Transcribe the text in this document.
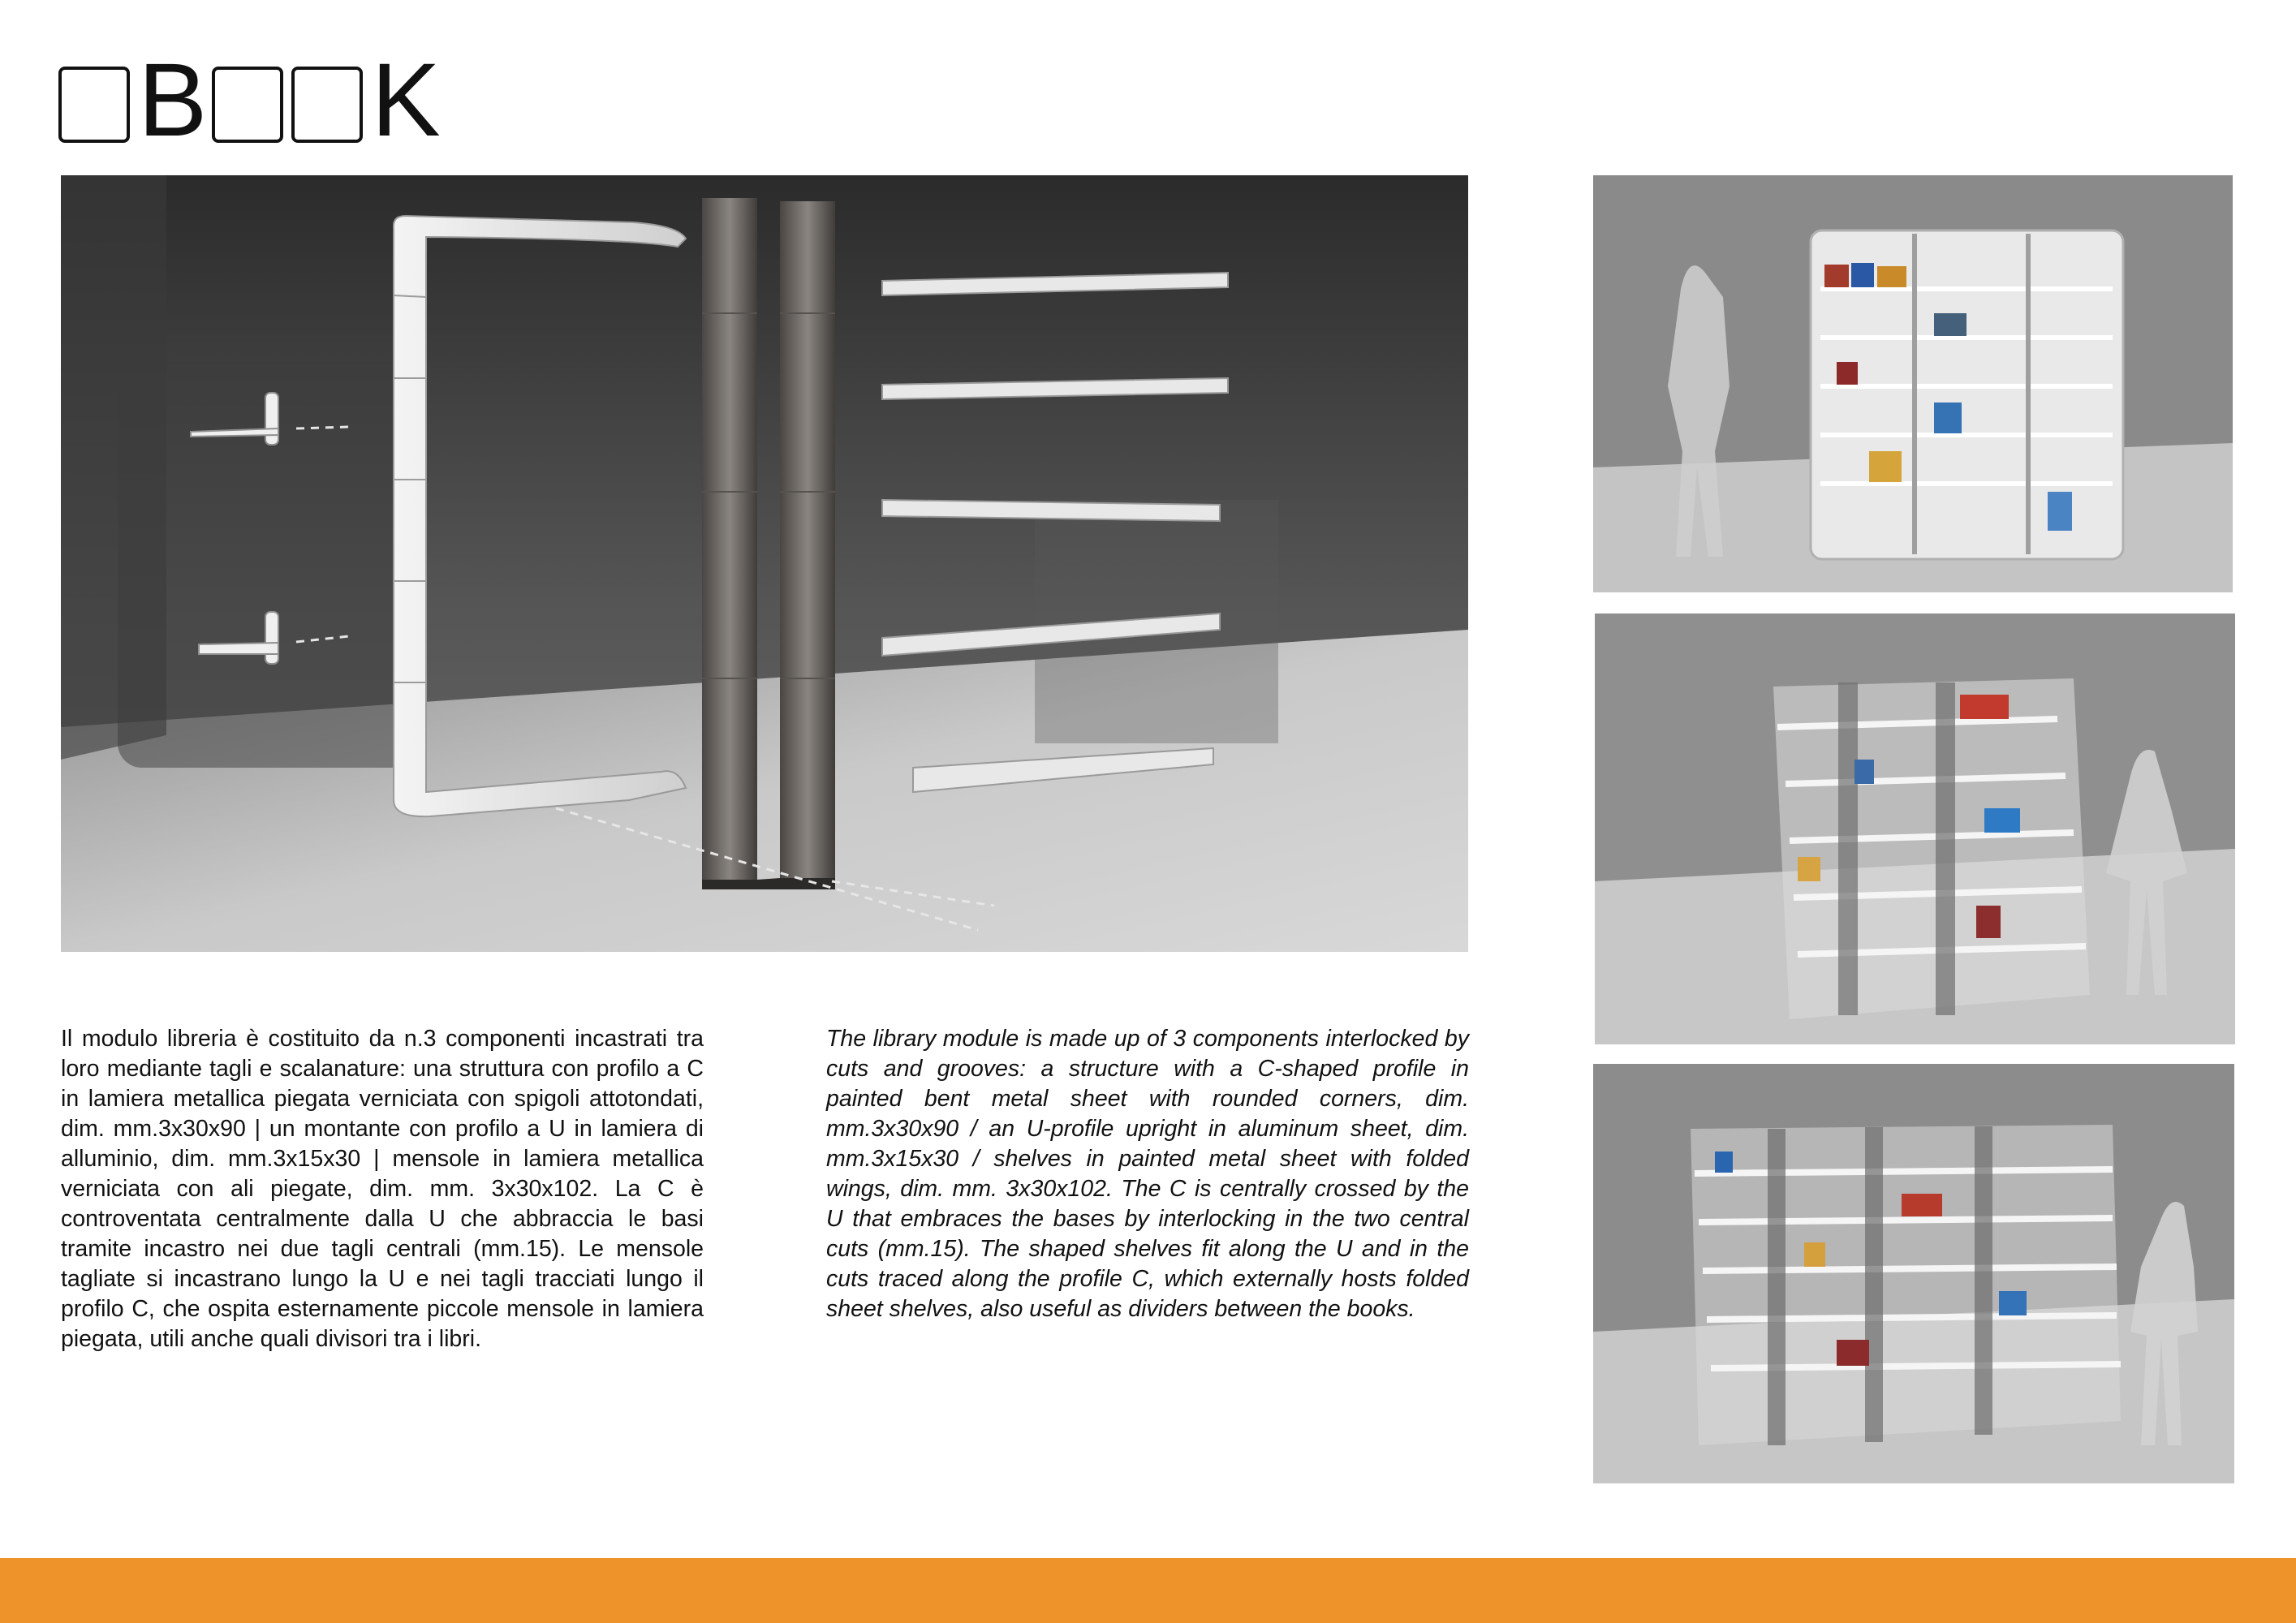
B K
Il modulo libreria è costituito da n.3 componenti incastrati tra loro mediante tagli e scalanature: una struttura con profilo a C in lamiera metallica piegata verniciata con spigoli attotondati, dim. mm.3x30x90 | un montante con profilo a U in lamiera di alluminio, dim. mm.3x15x30 | mensole in lamiera metallica verniciata con ali piegate, dim. mm. 3x30x102. La C è controventata centralmente dalla U che abbraccia le basi tramite incastro nei due tagli centrali (mm.15). Le mensole tagliate si incastrano lungo la U e nei tagli tracciati lungo il profilo C, che ospita esternamente piccole mensole in lamiera piegata, utili anche quali divisori tra i libri.
The library module is made up of 3 components interlocked by cuts and grooves: a structure with a C-shaped profile in painted bent metal sheet with rounded corners, dim. mm.3x30x90 / an U-profile upright in aluminum sheet, dim. mm.3x15x30 / shelves in painted metal sheet with folded wings, dim. mm. 3x30x102. The C is centrally crossed by the U that embraces the bases by interlocking in the two central cuts (mm.15). The shaped shelves fit along the U and in the cuts traced along the profile C, which externally hosts folded sheet shelves, also useful as dividers between the books.
